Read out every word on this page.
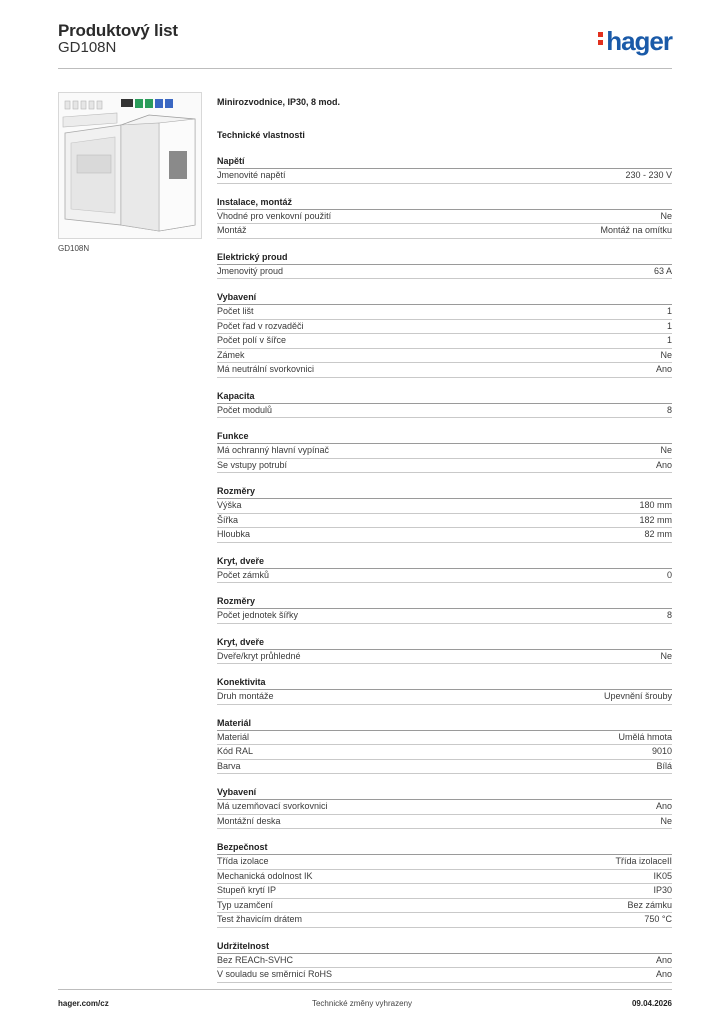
Produktový list
GD108N	hager
GD108N
Minirozvodnice, IP30, 8 mod.
Technické vlastnosti
Napětí
Jmenovité napětí	230 - 230 V
Instalace, montáž
Vhodné pro venkovní použití	Ne
Montáž	Montáž na omítku
Elektrický proud
Jmenovitý proud	63 A
Vybavení
Počet lišt	1
Počet řad v rozvaděči	1
Počet polí v šířce	1
Zámek	Ne
Má neutrální svorkovnici	Ano
Kapacita
Počet modulů	8
Funkce
Má ochranný hlavní vypínač	Ne
Se vstupy potrubí	Ano
Rozměry
Výška	180 mm
Šířka	182 mm
Hloubka	82 mm
Kryt, dveře
Počet zámků	0
Rozměry
Počet jednotek šířky	8
Kryt, dveře
Dveře/kryt průhledné	Ne
Konektivita
Druh montáže	Upevnění šrouby
Materiál
Materiál	Umělá hmota
Kód RAL	9010
Barva	Bílá
Vybavení
Má uzemňovací svorkovnici	Ano
Montážní deska	Ne
Bezpečnost
Třída izolace	Třída izolaceII
Mechanická odolnost IK	IK05
Stupeň krytí IP	IP30
Typ uzamčení	Bez zámku
Test žhavicím drátem	750 °C
Udržitelnost
Bez REACh-SVHC	Ano
V souladu se směrnicí RoHS	Ano
hager.com/cz	Technické změny vyhrazeny	09.04.2026
